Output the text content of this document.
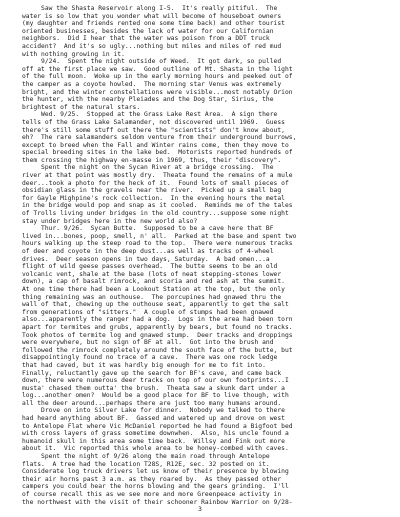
Saw the Shasta Reservoir along I-5.  It's really pitiful.  The
water is so low that you wonder what will become of houseboat owners
(my daughter and friends rented one some time back) and other tourist
oriented businesses, besides the lack of water for our Californian
neighbors.  Did I hear that the water was poison from a DDT truck
accident?  And it's so ugly...nothing but miles and miles of red mud
with nothing growing in it.
9/24.  Spent the night outside of Weed.  It got dark, so pulled
off at the first place we saw.  Good outline of Mt. Shasta in the light
of the full moon.  Woke up in the early morning hours and peeked out of
the camper as a coyote howled.  The morning star Venus was extremely
bright, and the winter constellations were visible...most notably Orion
the hunter, with the nearby Pleiades and the Dog Star, Sirius, the
brightest of the natural stars.
Wed. 9/25.  Stopped at the Grass Lake Rest Area.  A sign there
tells of the Grass Lake Salamander, not discovered until 1969.  Guess
there's still some stuff out there the "scientists" don't know about,
eh?  The rare salamanders seldom venture from their underground burrows,
except to breed when the Fall and Winter rains come, then they move to
special breeding sites in the lake bed.  Motorists reported hundreds of
them crossing the highway en-masse in 1969, thus, their "discovery".
Spent the night on the Sycan River at a bridge crossing.  The
river at that point was mostly dry.  Theata found the remains of a mule
deer...took a photo for the heck of it.  Found lots of small pieces of
obsidian glass in the gravels near the river.  Picked up a small bag
for Gayle Mighpine's rock collection.  In the evening hours the metal
in the bridge would pop and snap as it cooled.  Reminds me of the tales
of Trolls living under bridges in the old country...suppose some night
stay under bridges here in the new world also?
Thur. 9/26.  Sycan Butte.  Supposed to be a cave here that BF
lived in...bones, poop, smell, n' all.  Parked at the base and spent two
hours walking up the steep road to the top.  There were numerous tracks
of deer and coyote in the deep dust...as well as tracks of 4-wheel
drives.  Deer season opens in two days, Saturday.  A bad omen...a
flight of wild geese passes overhead.  The butte seems to be an old
volcanic vent, shale at the base (lots of neat stepping-stones lower
down), a cap of basalt rimrock, and scoria and red ash at the summit.
At one time there had been a Lookout Station at the top, but the only
thing remaining was an outhouse.  The porcupines had gnawed thru the
wall of that, chewing up the outhouse seat, apparently to get the salt
from generations of "sitters."  A couple of stumps had been gnawed
also...apparently the ranger had a dog.  Logs in the area had been torn
apart for termites and grubs, apparently by bears, but found no tracks.
Took photos of termite log and gnawed stump.  Deer tracks and droppings
were everywhere, but no sign of BF at all.  Got into the brush and
followed the rimrock completely around the south face of the butte, but
disappointingly found no trace of a cave.  There was one rock ledge
that had caved, but it was hardly big enough for me to fit into.
Finally, reluctantly gave up the search for BF's cave, and came back
down, there were numerous deer tracks on top of our own footprints...I
musta' chased them outta' the brush.  Theata saw a skunk dart under a
log...another omen?  Would be a good place for BF to live though, with
all the deer around...perhaps there are just too many humans around.
Drove on into Silver Lake for dinner.  Nobody we talked to there
had heard anything about BF.  Gassed and watered up and drove on west
to Antelope Flat where Vic McDaniel reported he had found a Bigfoot bed
with cross layers of grass sometime downwhen.  Also, his uncle found a
humanoid skull in this area some time back.  Willsy and Fink out more
about it.  Vic reported this whole area to be honey-combed with caves.
Spent the night of 9/26 along the main road through Antelope
flats.  A tree had the location T28S, R12E, sec. 32 posted on it.
Considerate log truck drivers let us know of their presence by blowing
their air horns past 3 a.m. as they roared by.  As they passed other
campers you could hear the horns blowing and the gears grinding.  I'll
of course recall this as we see more and more Greenpeace activity in
the northwest with the visit of their schooner Rainbow Warrior on 9/28-
3
